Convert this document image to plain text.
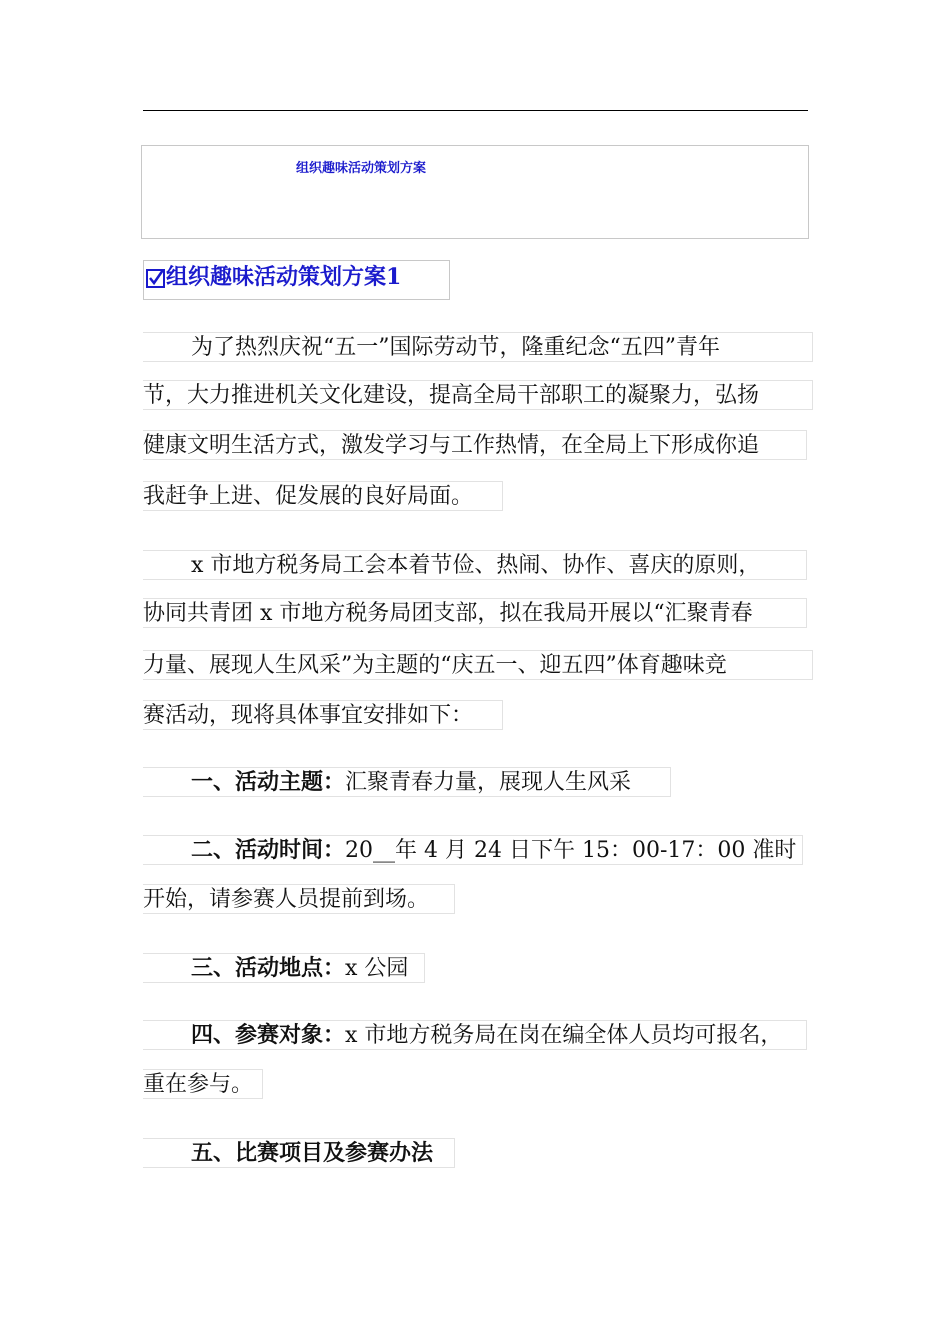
组织趣味活动策划方案
组织趣味活动策划方案1
为了热烈庆祝“五一”国际劳动节，隆重纪念“五四”青年
节，大力推进机关文化建设，提高全局干部职工的凝聚力，弘扬
健康文明生活方式，激发学习与工作热情，在全局上下形成你追
我赶争上进、促发展的良好局面。
x 市地方税务局工会本着节俭、热闹、协作、喜庆的原则，
协同共青团 x 市地方税务局团支部，拟在我局开展以“汇聚青春
力量、展现人生风采”为主题的“庆五一、迎五四”体育趣味竞
赛活动，现将具体事宜安排如下：
一、活动主题：汇聚青春力量，展现人生风采
二、活动时间：20__年 4 月 24 日下午 15：00-17：00 准时
开始，请参赛人员提前到场。
三、活动地点：x 公园
四、参赛对象：x 市地方税务局在岗在编全体人员均可报名，
重在参与。
五、比赛项目及参赛办法
